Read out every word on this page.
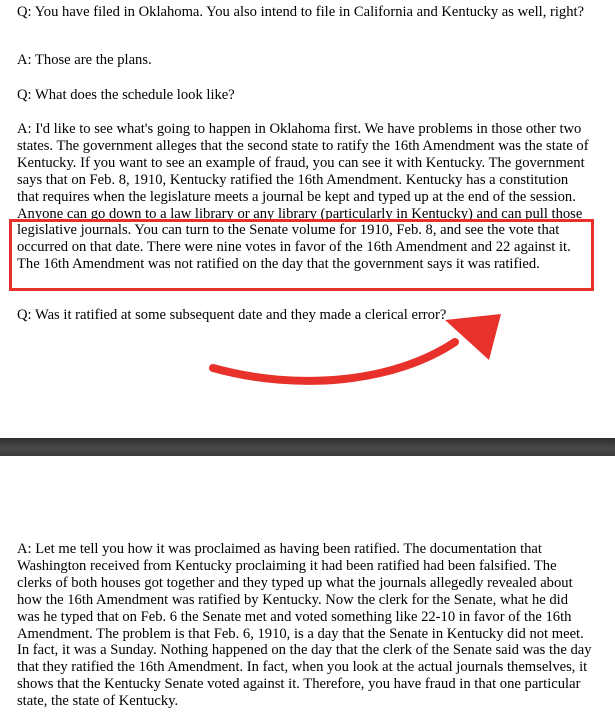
Q: You have filed in Oklahoma. You also intend to file in California and Kentucky as well, right?

A: Those are the plans.

Q: What does the schedule look like?

A: I'd like to see what's going to happen in Oklahoma first. We have problems in those other two states. The government alleges that the second state to ratify the 16th Amendment was the state of Kentucky. If you want to see an example of fraud, you can see it with Kentucky. The government says that on Feb. 8, 1910, Kentucky ratified the 16th Amendment. Kentucky has a constitution that requires when the legislature meets a journal be kept and typed up at the end of the session. Anyone can go down to a law library or any library (particularly in Kentucky) and can pull those legislative journals. You can turn to the Senate volume for 1910, Feb. 8, and see the vote that occurred on that date. There were nine votes in favor of the 16th Amendment and 22 against it. The 16th Amendment was not ratified on the day that the government says it was ratified.

Q: Was it ratified at some subsequent date and they made a clerical error?

A: Let me tell you how it was proclaimed as having been ratified. The documentation that Washington received from Kentucky proclaiming it had been ratified had been falsified. The clerks of both houses got together and they typed up what the journals allegedly revealed about how the 16th Amendment was ratified by Kentucky. Now the clerk for the Senate, what he did was he typed that on Feb. 6 the Senate met and voted something like 22-10 in favor of the 16th Amendment. The problem is that Feb. 6, 1910, is a day that the Senate in Kentucky did not meet. In fact, it was a Sunday. Nothing happened on the day that the clerk of the Senate said was the day that they ratified the 16th Amendment. In fact, when you look at the actual journals themselves, it shows that the Kentucky Senate voted against it. Therefore, you have fraud in that one particular state, the state of Kentucky.
